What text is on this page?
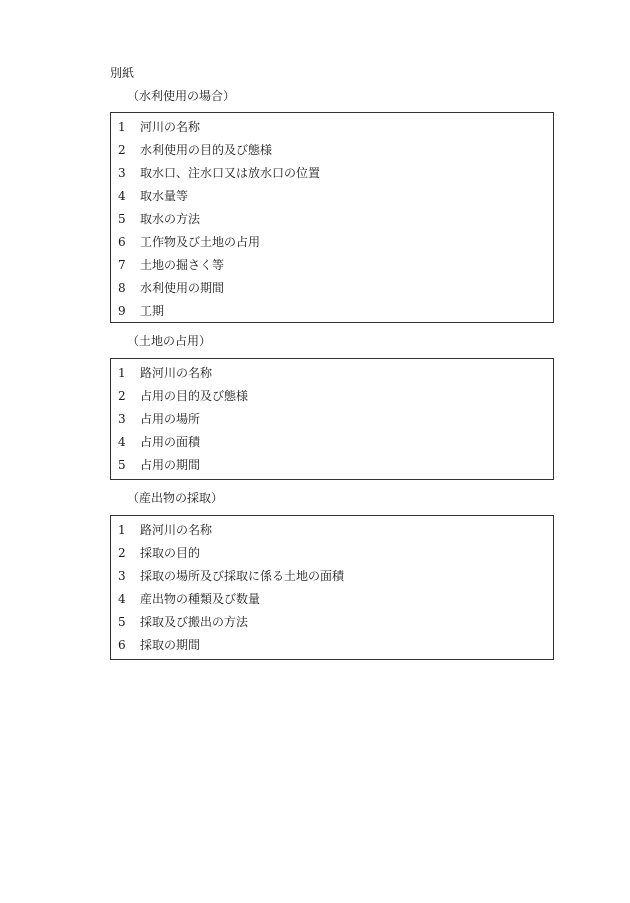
別紙
（水利使用の場合）
1	河川の名称
2	水利使用の目的及び態様
3	取水口、注水口又は放水口の位置
4	取水量等
5	取水の方法
6	工作物及び土地の占用
7	土地の掘さく等
8	水利使用の期間
9	工期
（土地の占用）
1	路河川の名称
2	占用の目的及び態様
3	占用の場所
4	占用の面積
5	占用の期間
（産出物の採取）
1	路河川の名称
2	採取の目的
3	採取の場所及び採取に係る土地の面積
4	産出物の種類及び数量
5	採取及び搬出の方法
6	採取の期間
